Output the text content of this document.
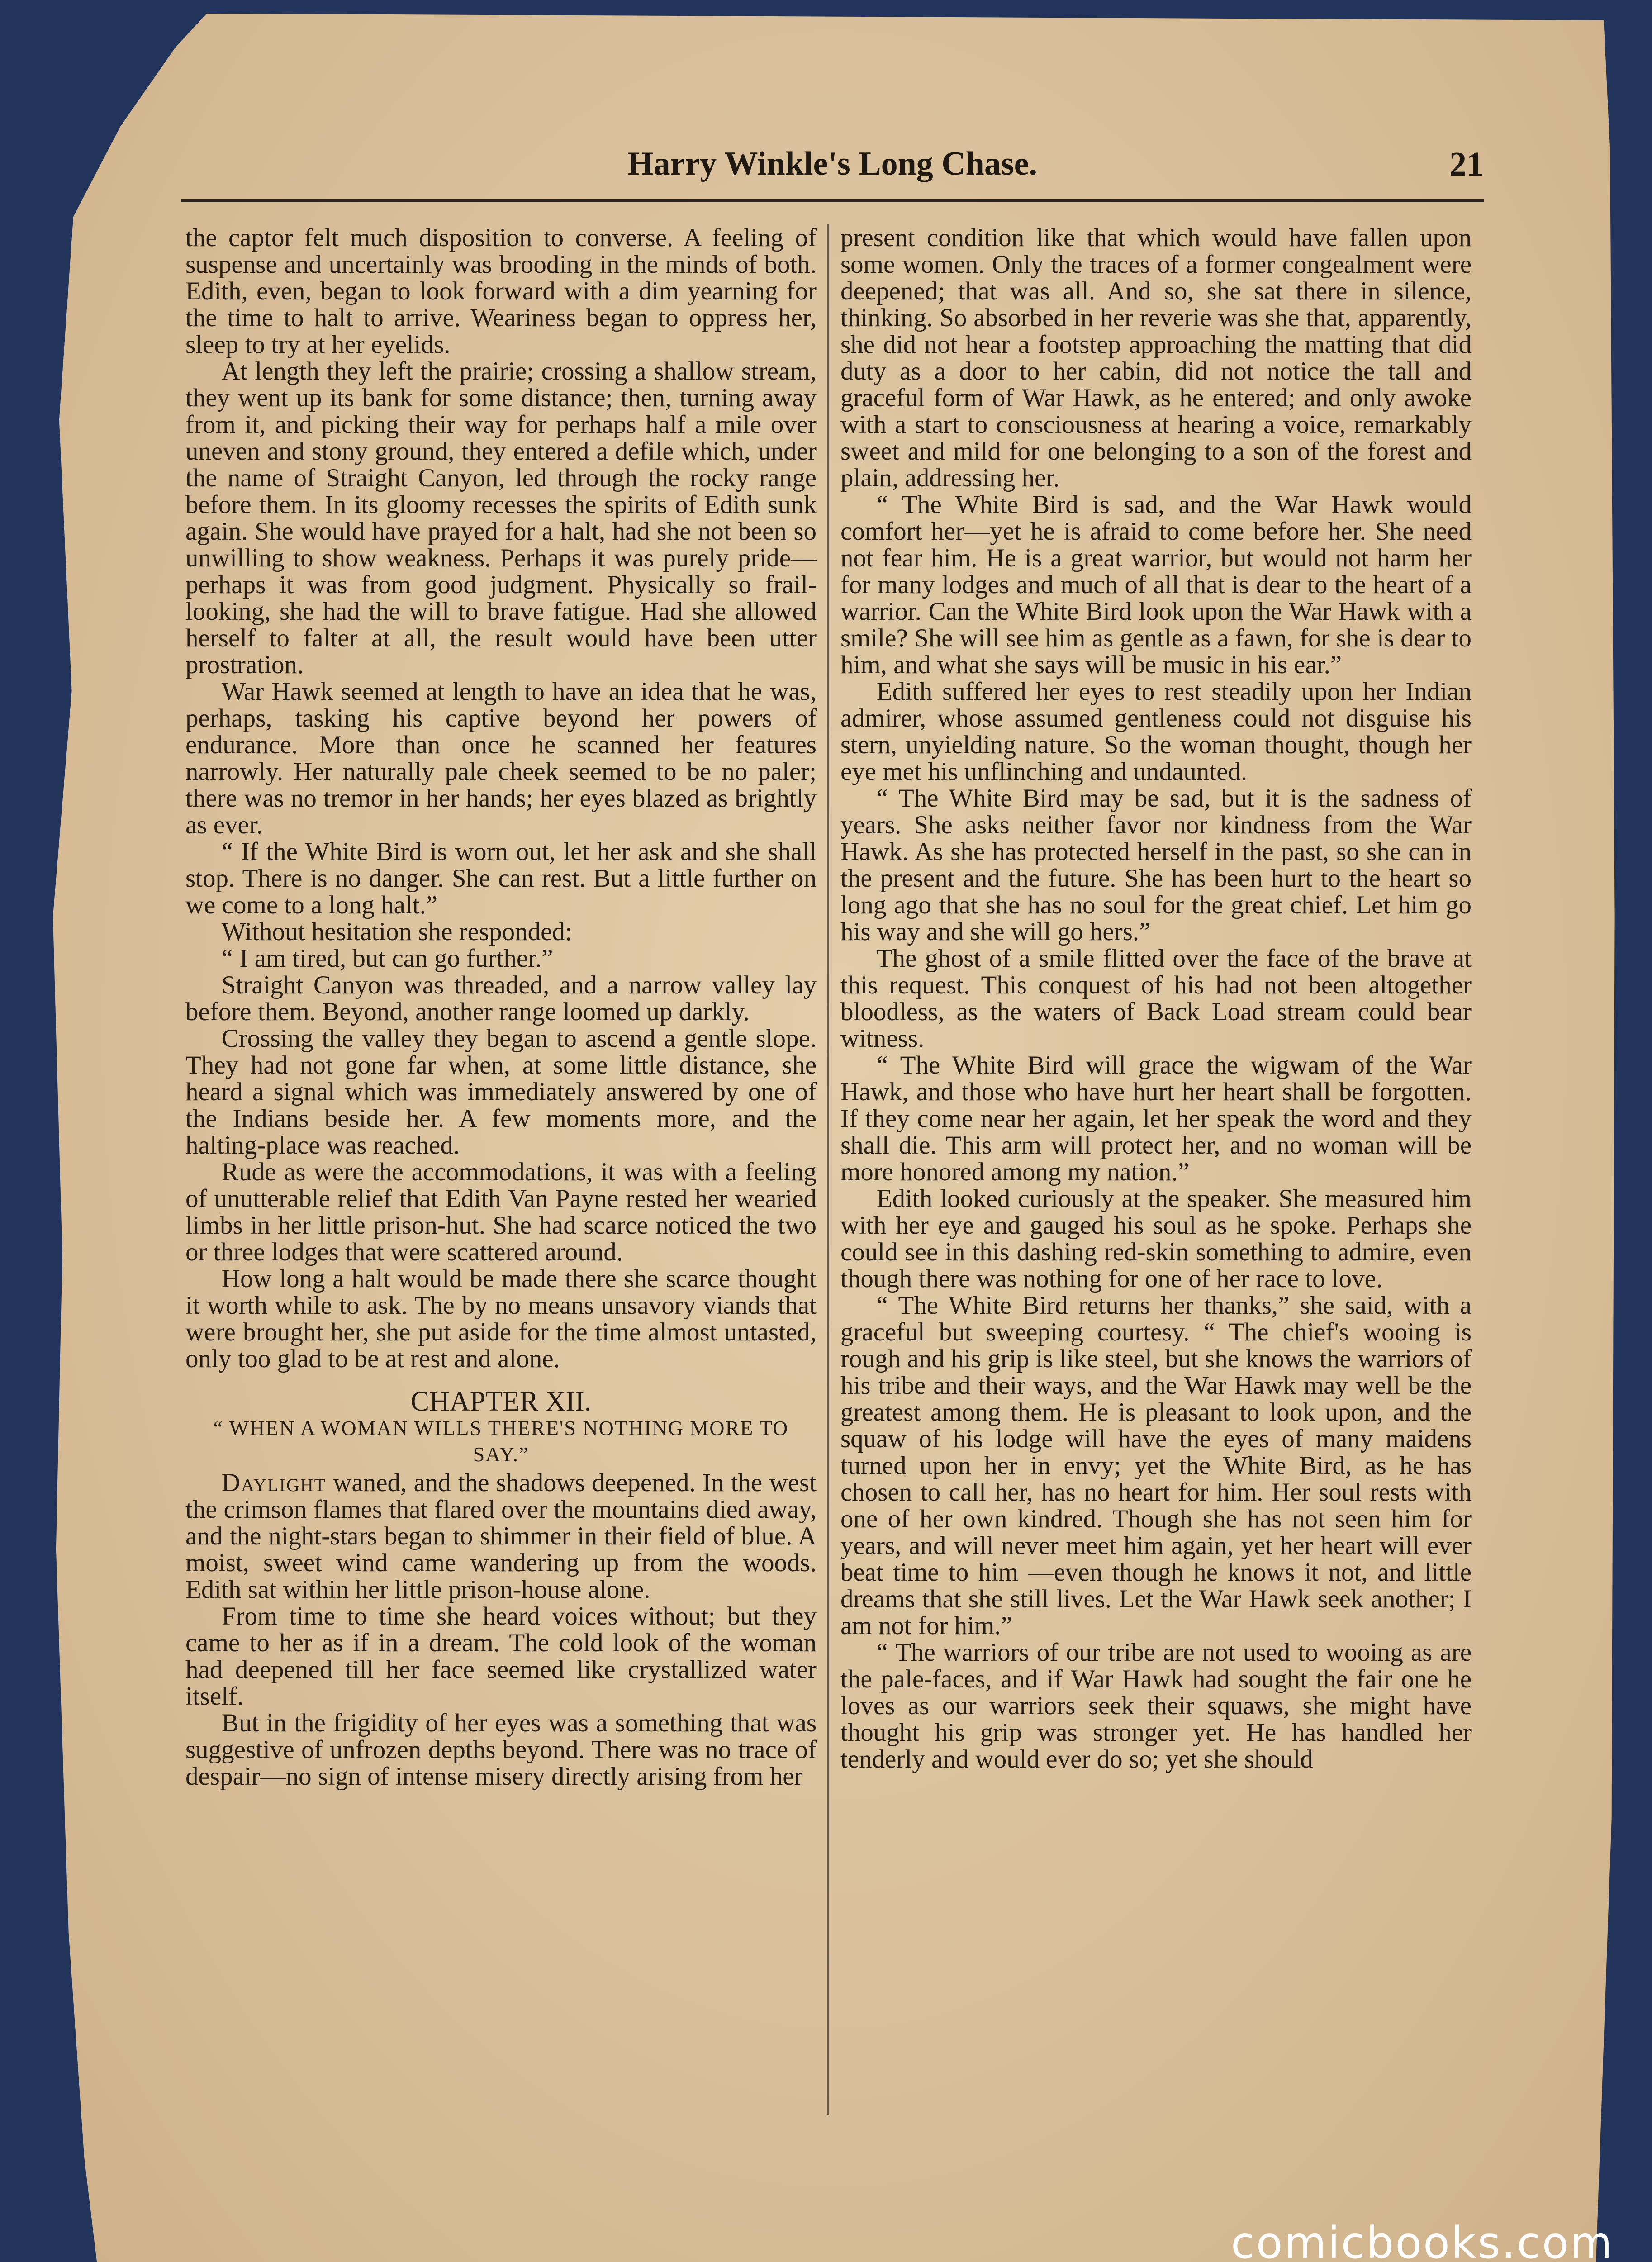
Harry Winkle's Long Chase.	21

the captor felt much disposition to converse. A feeling of suspense and uncertainly was brooding in the minds of both. Edith, even, began to look forward with a dim yearning for the time to halt to arrive. Weariness began to oppress her, sleep to try at her eyelids.

At length they left the prairie; crossing a shallow stream, they went up its bank for some distance; then, turning away from it, and picking their way for perhaps half a mile over uneven and stony ground, they entered a defile which, under the name of Straight Canyon, led through the rocky range before them. In its gloomy recesses the spirits of Edith sunk again. She would have prayed for a halt, had she not been so unwilling to show weakness. Perhaps it was purely pride—perhaps it was from good judgment. Physically so frail-looking, she had the will to brave fatigue. Had she allowed herself to falter at all, the result would have been utter prostration.

War Hawk seemed at length to have an idea that he was, perhaps, tasking his captive beyond her powers of endurance. More than once he scanned her features narrowly. Her naturally pale cheek seemed to be no paler; there was no tremor in her hands; her eyes blazed as brightly as ever.

“ If the White Bird is worn out, let her ask and she shall stop. There is no danger. She can rest. But a little further on we come to a long halt.”

Without hesitation she responded:

“ I am tired, but can go further.”

Straight Canyon was threaded, and a narrow valley lay before them. Beyond, another range loomed up darkly.

Crossing the valley they began to ascend a gentle slope. They had not gone far when, at some little distance, she heard a signal which was immediately answered by one of the Indians beside her. A few moments more, and the halting-place was reached.

Rude as were the accommodations, it was with a feeling of unutterable relief that Edith Van Payne rested her wearied limbs in her little prison-hut. She had scarce noticed the two or three lodges that were scattered around.

How long a halt would be made there she scarce thought it worth while to ask. The by no means unsavory viands that were brought her, she put aside for the time almost untasted, only too glad to be at rest and alone.

CHAPTER XII.

“ WHEN A WOMAN WILLS THERE'S NOTHING MORE TO SAY.”

Daylight waned, and the shadows deepened. In the west the crimson flames that flared over the mountains died away, and the night-stars began to shimmer in their field of blue. A moist, sweet wind came wandering up from the woods. Edith sat within her little prison-house alone.

From time to time she heard voices without; but they came to her as if in a dream. The cold look of the woman had deepened till her face seemed like crystallized water itself.

But in the frigidity of her eyes was a something that was suggestive of unfrozen depths beyond. There was no trace of despair—no sign of intense misery directly arising from her

present condition like that which would have fallen upon some women. Only the traces of a former congealment were deepened; that was all. And so, she sat there in silence, thinking. So absorbed in her reverie was she that, apparently, she did not hear a footstep approaching the matting that did duty as a door to her cabin, did not notice the tall and graceful form of War Hawk, as he entered; and only awoke with a start to consciousness at hearing a voice, remarkably sweet and mild for one belonging to a son of the forest and plain, addressing her.

“ The White Bird is sad, and the War Hawk would comfort her—yet he is afraid to come before her. She need not fear him. He is a great warrior, but would not harm her for many lodges and much of all that is dear to the heart of a warrior. Can the White Bird look upon the War Hawk with a smile? She will see him as gentle as a fawn, for she is dear to him, and what she says will be music in his ear.”

Edith suffered her eyes to rest steadily upon her Indian admirer, whose assumed gentleness could not disguise his stern, unyielding nature. So the woman thought, though her eye met his unflinching and undaunted.

“ The White Bird may be sad, but it is the sadness of years. She asks neither favor nor kindness from the War Hawk. As she has protected herself in the past, so she can in the present and the future. She has been hurt to the heart so long ago that she has no soul for the great chief. Let him go his way and she will go hers.”

The ghost of a smile flitted over the face of the brave at this request. This conquest of his had not been altogether bloodless, as the waters of Back Load stream could bear witness.

“ The White Bird will grace the wigwam of the War Hawk, and those who have hurt her heart shall be forgotten. If they come near her again, let her speak the word and they shall die. This arm will protect her, and no woman will be more honored among my nation.”

Edith looked curiously at the speaker. She measured him with her eye and gauged his soul as he spoke. Perhaps she could see in this dashing red-skin something to admire, even though there was nothing for one of her race to love.

“ The White Bird returns her thanks,” she said, with a graceful but sweeping courtesy. “ The chief's wooing is rough and his grip is like steel, but she knows the warriors of his tribe and their ways, and the War Hawk may well be the greatest among them. He is pleasant to look upon, and the squaw of his lodge will have the eyes of many maidens turned upon her in envy; yet the White Bird, as he has chosen to call her, has no heart for him. Her soul rests with one of her own kindred. Though she has not seen him for years, and will never meet him again, yet her heart will ever beat time to him —even though he knows it not, and little dreams that she still lives. Let the War Hawk seek another; I am not for him.”

“ The warriors of our tribe are not used to wooing as are the pale-faces, and if War Hawk had sought the fair one he loves as our warriors seek their squaws, she might have thought his grip was stronger yet. He has handled her tenderly and would ever do so; yet she should

comicbooks.com
